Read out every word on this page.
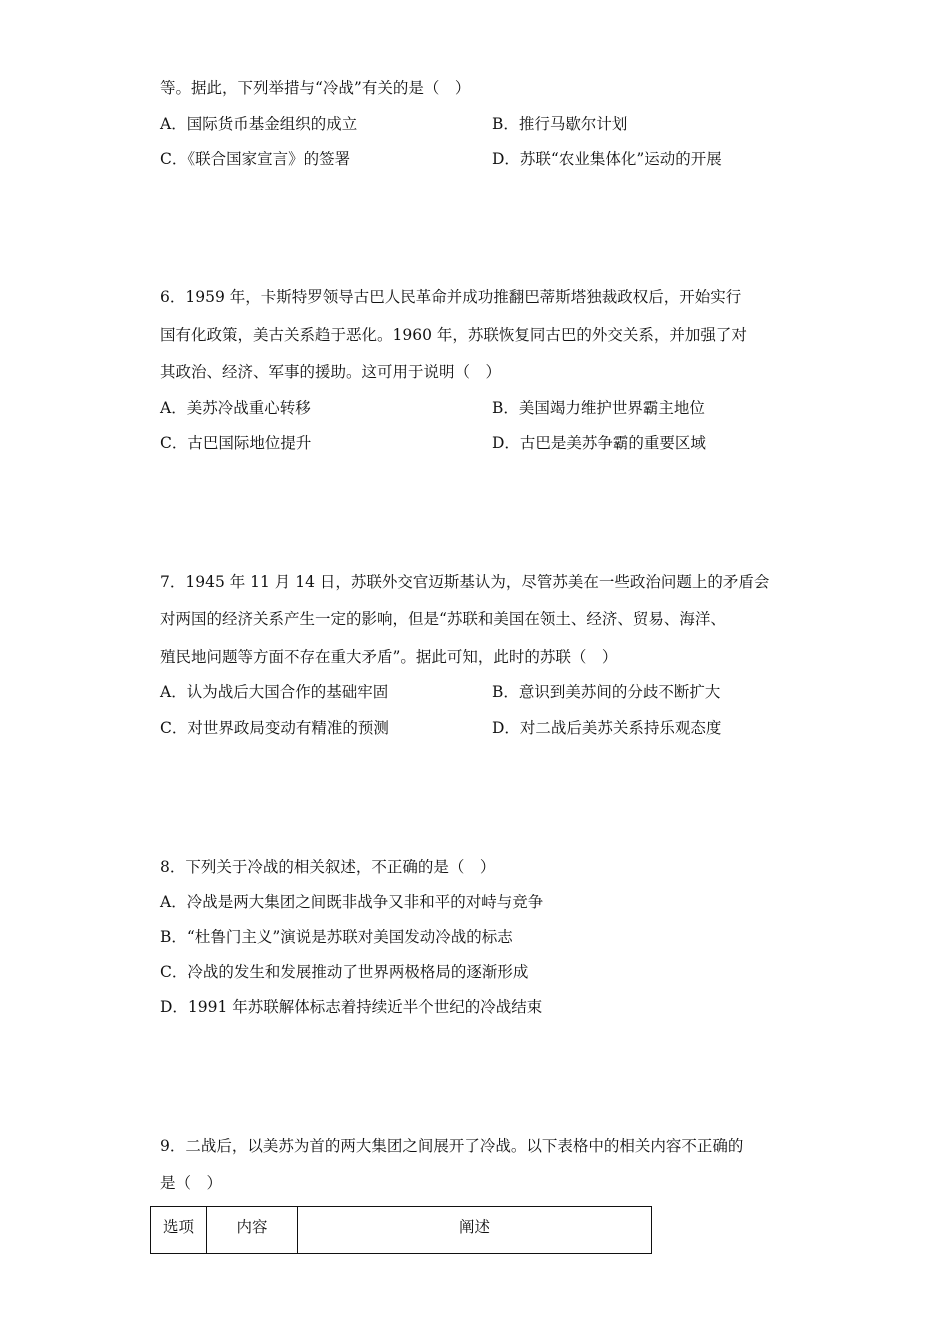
等。据此，下列举措与“冷战”有关的是（　）
A．国际货币基金组织的成立	B．推行马歇尔计划
C．《联合国家宣言》的签署	D．苏联“农业集体化”运动的开展
6．1959 年，卡斯特罗领导古巴人民革命并成功推翻巴蒂斯塔独裁政权后，开始实行
国有化政策，美古关系趋于恶化。1960 年，苏联恢复同古巴的外交关系，并加强了对
其政治、经济、军事的援助。这可用于说明（　）
A．美苏冷战重心转移	B．美国竭力维护世界霸主地位
C．古巴国际地位提升	D．古巴是美苏争霸的重要区域
7．1945 年 11 月 14 日，苏联外交官迈斯基认为，尽管苏美在一些政治问题上的矛盾会
对两国的经济关系产生一定的影响，但是“苏联和美国在领土、经济、贸易、海洋、
殖民地问题等方面不存在重大矛盾”。据此可知，此时的苏联（　）
A．认为战后大国合作的基础牢固	B．意识到美苏间的分歧不断扩大
C．对世界政局变动有精准的预测	D．对二战后美苏关系持乐观态度
8．下列关于冷战的相关叙述，不正确的是（　）
A．冷战是两大集团之间既非战争又非和平的对峙与竞争
B．“杜鲁门主义”演说是苏联对美国发动冷战的标志
C．冷战的发生和发展推动了世界两极格局的逐渐形成
D．1991 年苏联解体标志着持续近半个世纪的冷战结束
9．二战后，以美苏为首的两大集团之间展开了冷战。以下表格中的相关内容不正确的
是（　）
选项	内容	阐述
